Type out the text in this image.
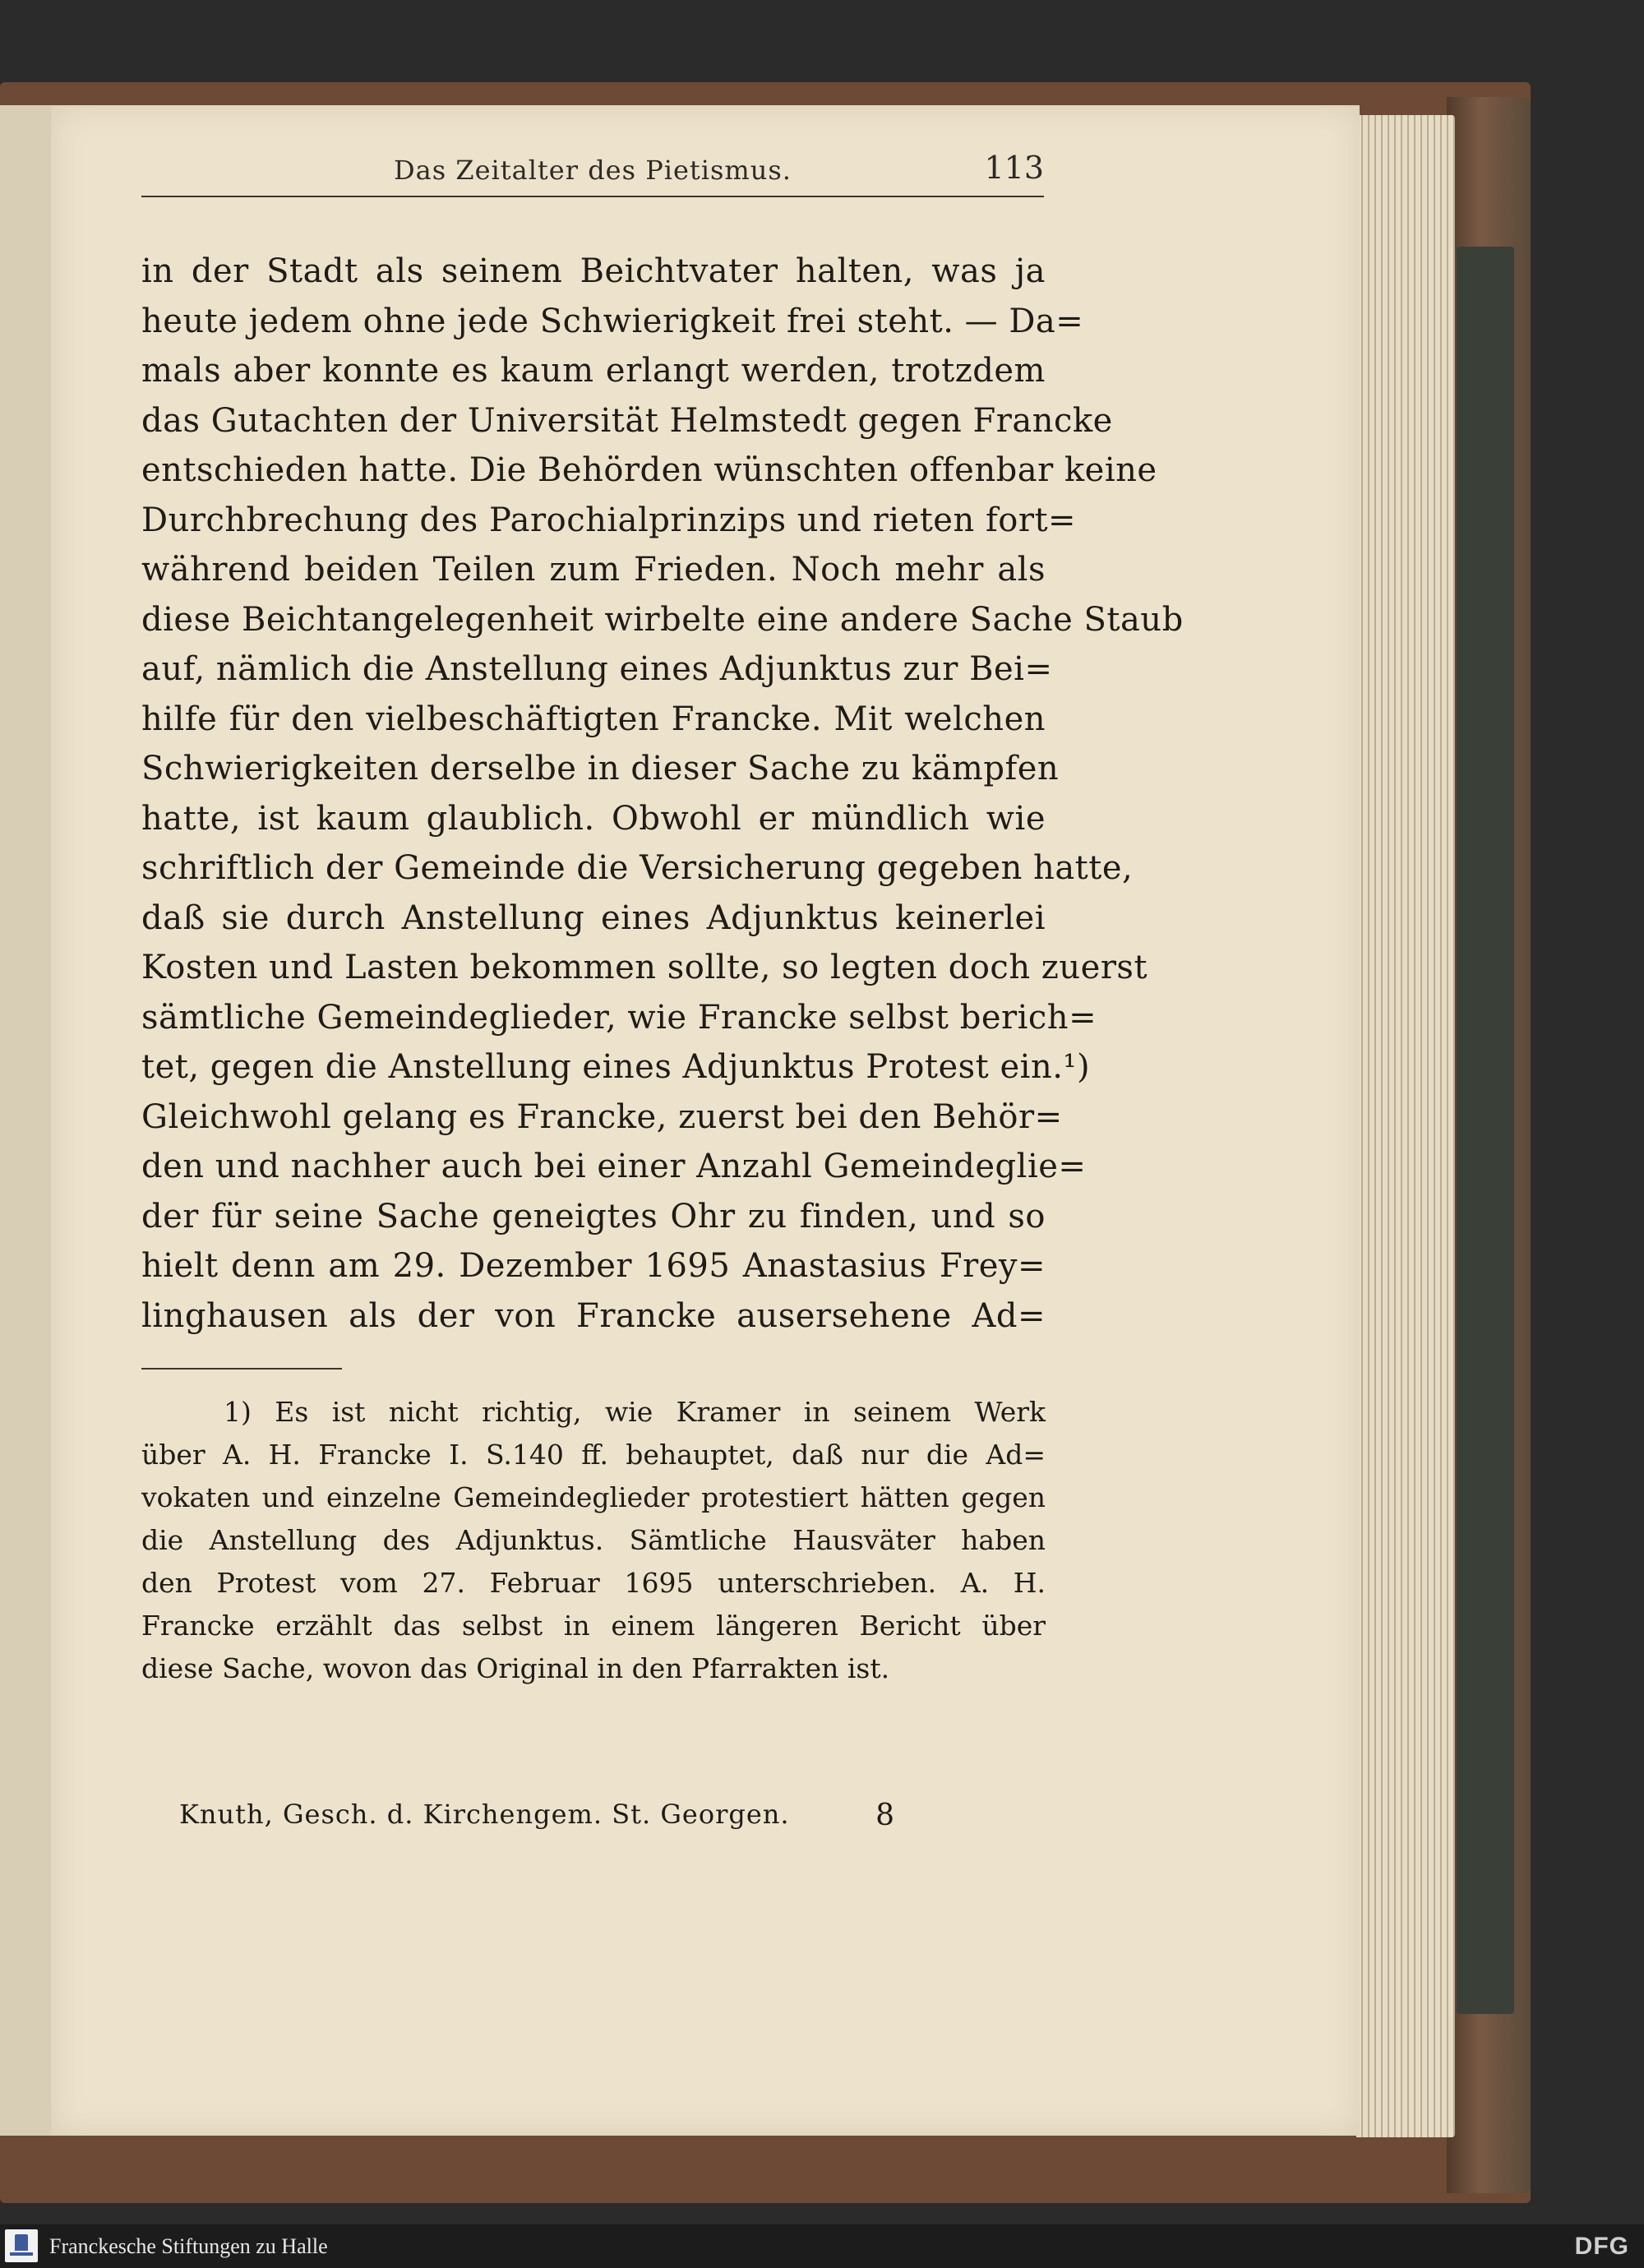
Das Zeitalter des Pietismus.	113
in der Stadt als seinem Beichtvater halten, was ja
heute jedem ohne jede Schwierigkeit frei steht. — Da=
mals aber konnte es kaum erlangt werden, trotzdem
das Gutachten der Universität Helmstedt gegen Francke
entschieden hatte. Die Behörden wünschten offenbar keine
Durchbrechung des Parochialprinzips und rieten fort=
während beiden Teilen zum Frieden. Noch mehr als
diese Beichtangelegenheit wirbelte eine andere Sache Staub
auf, nämlich die Anstellung eines Adjunktus zur Bei=
hilfe für den vielbeschäftigten Francke. Mit welchen
Schwierigkeiten derselbe in dieser Sache zu kämpfen
hatte, ist kaum glaublich. Obwohl er mündlich wie
schriftlich der Gemeinde die Versicherung gegeben hatte,
daß sie durch Anstellung eines Adjunktus keinerlei
Kosten und Lasten bekommen sollte, so legten doch zuerst
sämtliche Gemeindeglieder, wie Francke selbst berich=
tet, gegen die Anstellung eines Adjunktus Protest ein.¹)
Gleichwohl gelang es Francke, zuerst bei den Behör=
den und nachher auch bei einer Anzahl Gemeindeglie=
der für seine Sache geneigtes Ohr zu finden, und so
hielt denn am 29. Dezember 1695 Anastasius Frey=
linghausen als der von Francke ausersehene Ad=
1) Es ist nicht richtig, wie Kramer in seinem Werk
über A. H. Francke I. S.140 ff. behauptet, daß nur die Ad=
vokaten und einzelne Gemeindeglieder protestiert hätten gegen
die Anstellung des Adjunktus. Sämtliche Hausväter haben
den Protest vom 27. Februar 1695 unterschrieben. A. H.
Francke erzählt das selbst in einem längeren Bericht über
diese Sache, wovon das Original in den Pfarrakten ist.
Knuth, Gesch. d. Kirchengem. St. Georgen.	8
Franckesche Stiftungen zu Halle	DFG
